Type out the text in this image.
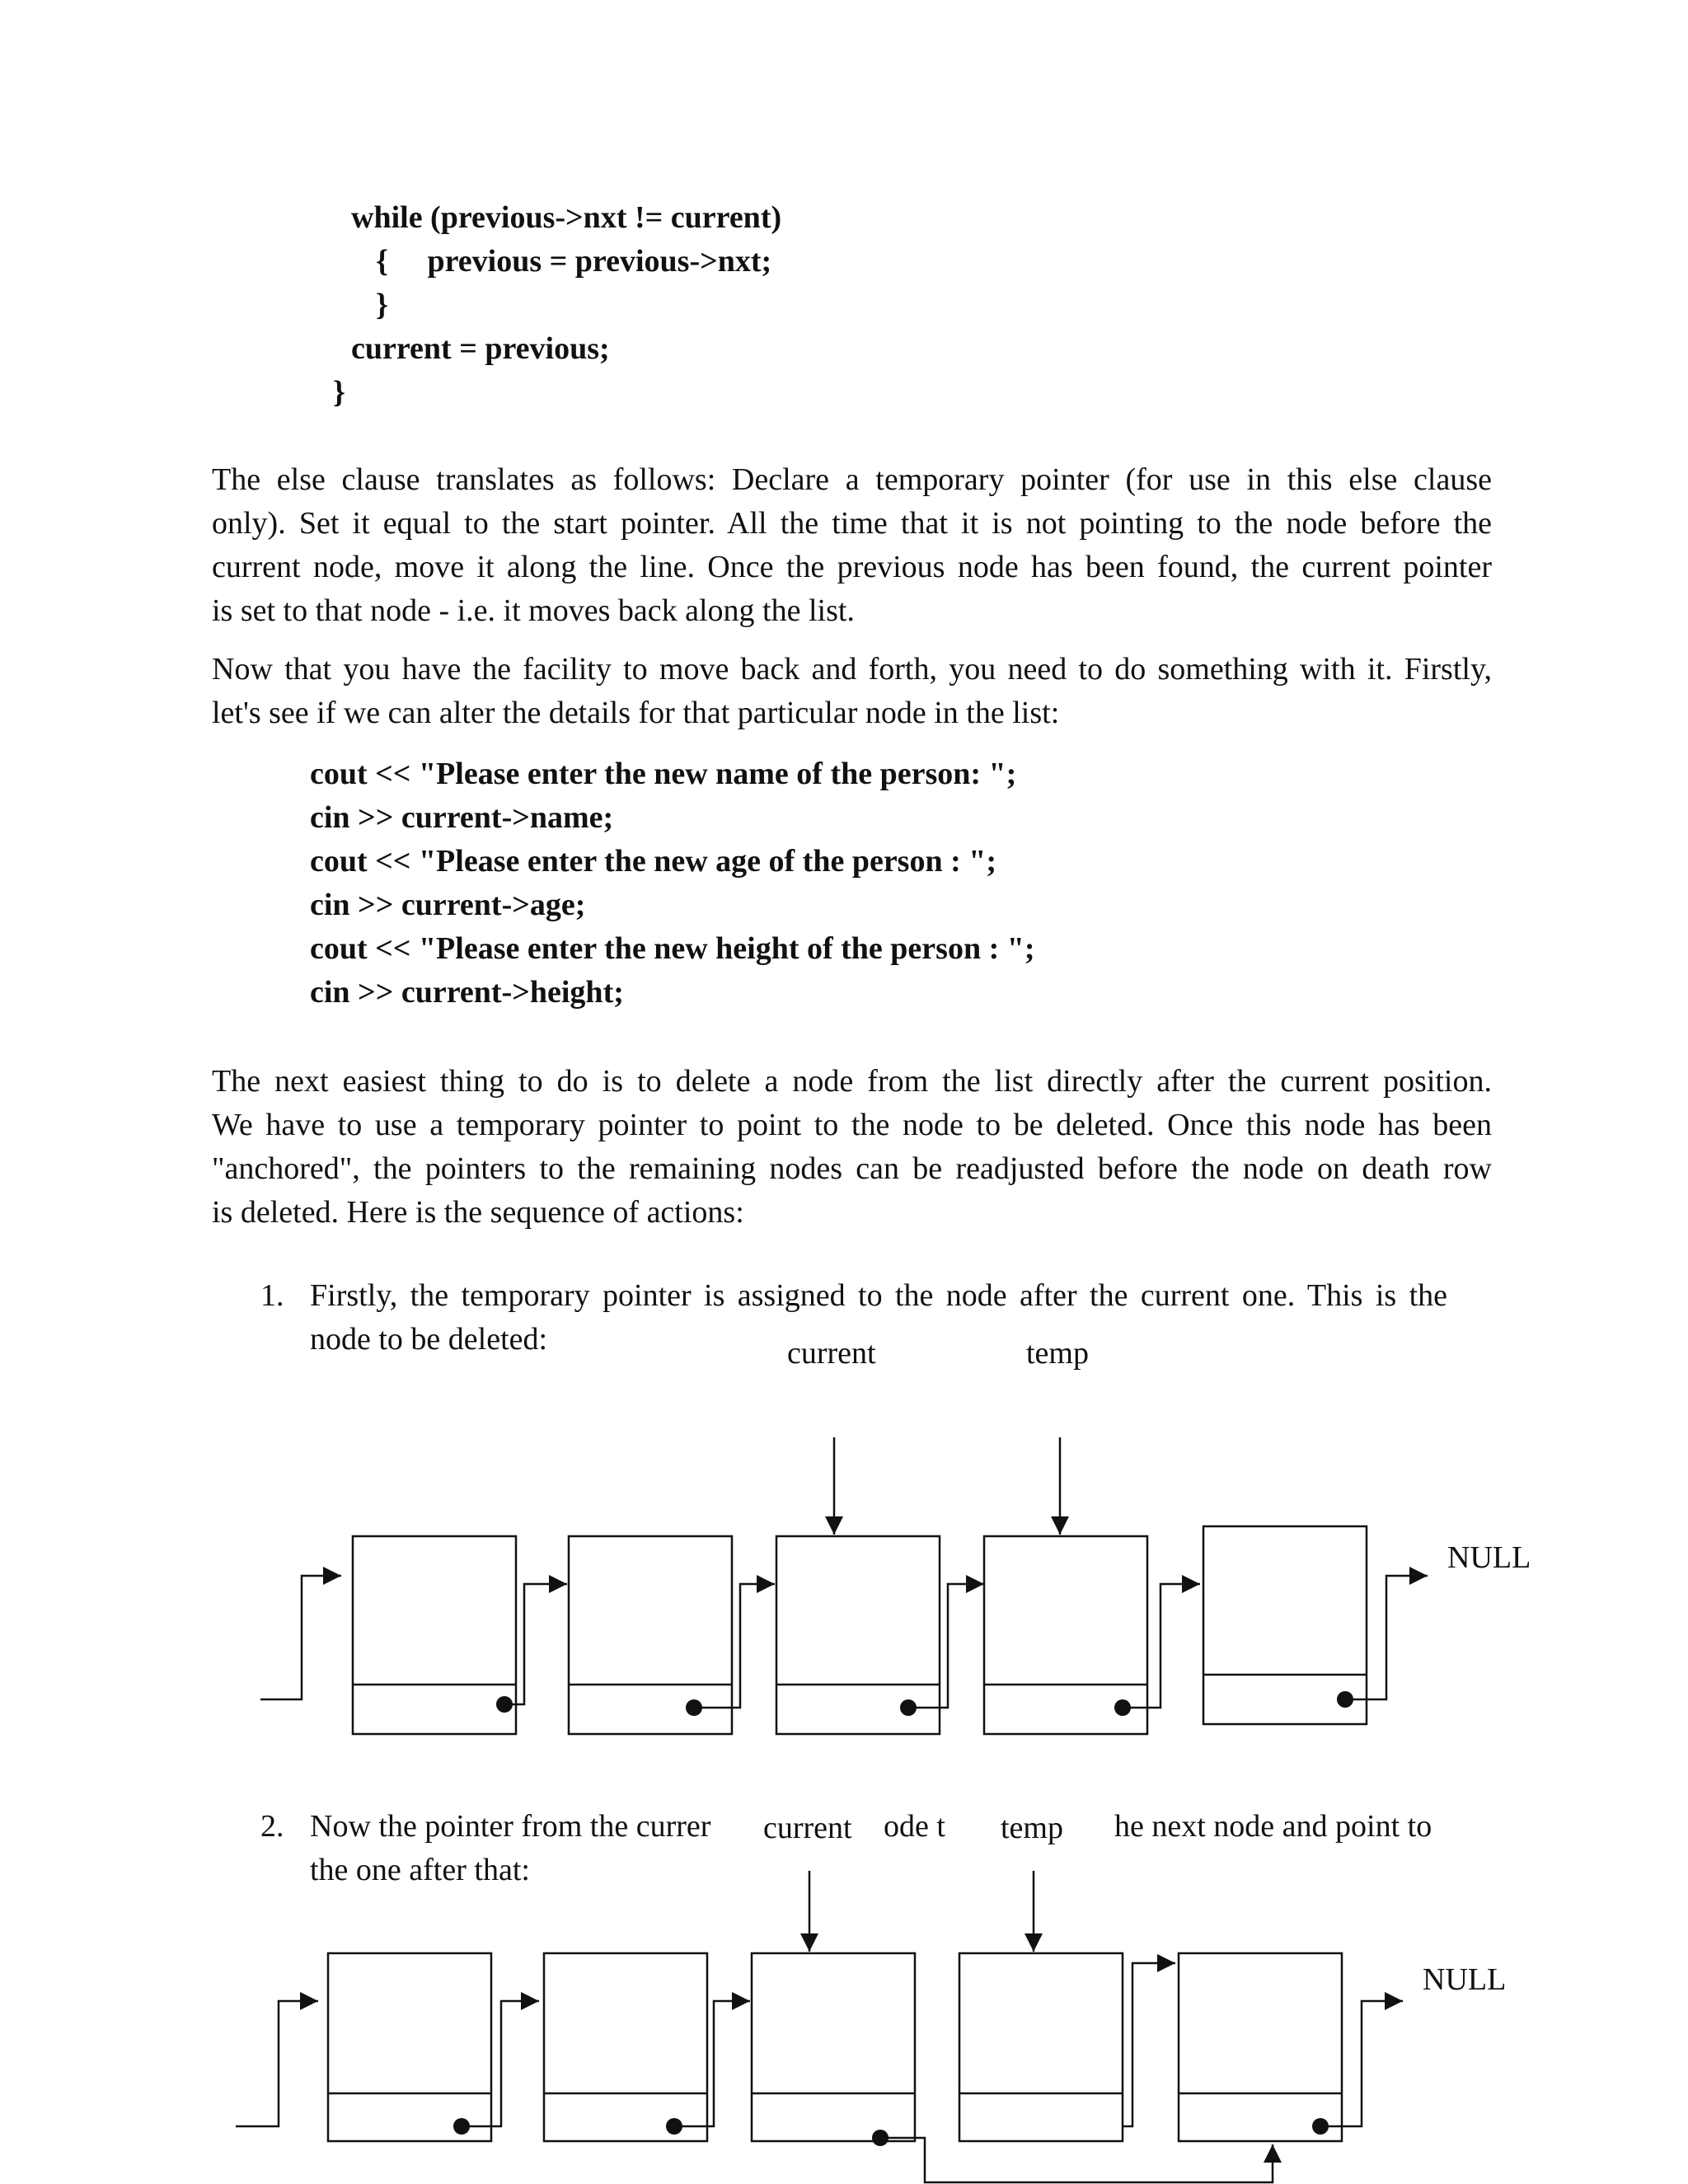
while (previous->nxt != current)
{     previous = previous->nxt;
}
current = previous;
}
The else clause translates as follows: Declare a temporary pointer (for use in this else clause
only). Set it equal to the start pointer. All the time that it is not pointing to the node before the
current node, move it along the line. Once the previous node has been found, the current pointer
is set to that node - i.e. it moves back along the list.
Now that you have the facility to move back and forth, you need to do something with it. Firstly,
let's see if we can alter the details for that particular node in the list:
cout << "Please enter the new name of the person: ";
cin >> current->name;
cout << "Please enter the new age of the person : ";
cin >> current->age;
cout << "Please enter the new height of the person : ";
cin >> current->height;
The next easiest thing to do is to delete a node from the list directly after the current position.
We have to use a temporary pointer to point to the node to be deleted. Once this node has been
"anchored", the pointers to the remaining nodes can be readjusted before the node on death row
is deleted. Here is the sequence of actions:
1. Firstly, the temporary pointer is assigned to the node after the current one. This is the
node to be deleted:	current	temp
NULL
2. Now the pointer from the currer	ode t	he next node and point to
the one after that:
current	temp
NULL
